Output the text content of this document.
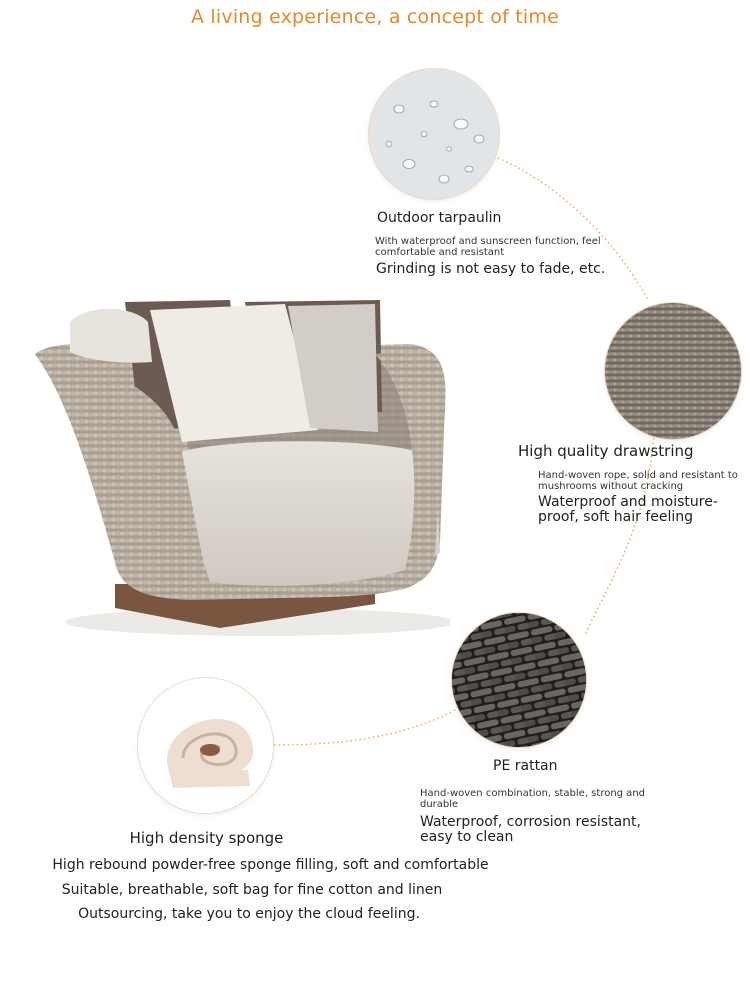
A living experience, a concept of time
Outdoor tarpaulin
With waterproof and sunscreen function, feel comfortable and resistant
Grinding is not easy to fade, etc.
High quality drawstring
Hand-woven rope, solid and resistant to mushrooms without cracking
Waterproof and moisture-proof, soft hair feeling
PE rattan
Hand-woven combination, stable, strong and durable
Waterproof, corrosion resistant, easy to clean
High density sponge
High rebound powder-free sponge filling, soft and comfortable
Suitable, breathable, soft bag for fine cotton and linen
Outsourcing, take you to enjoy the cloud feeling.
